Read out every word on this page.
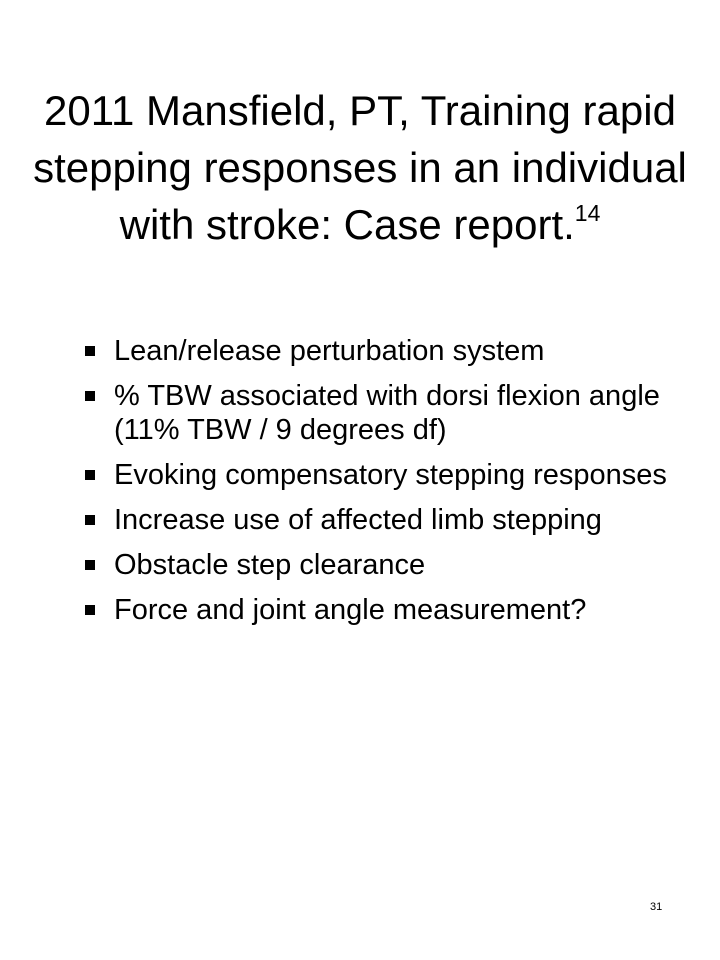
2011 Mansfield, PT, Training rapid stepping responses in an individual with stroke: Case report.$^{14}$
Lean/release perturbation system
% TBW associated with dorsi flexion angle (11% TBW / 9 degrees df)
Evoking compensatory stepping responses
Increase use of affected limb stepping
Obstacle step clearance
Force and joint angle measurement?
31
